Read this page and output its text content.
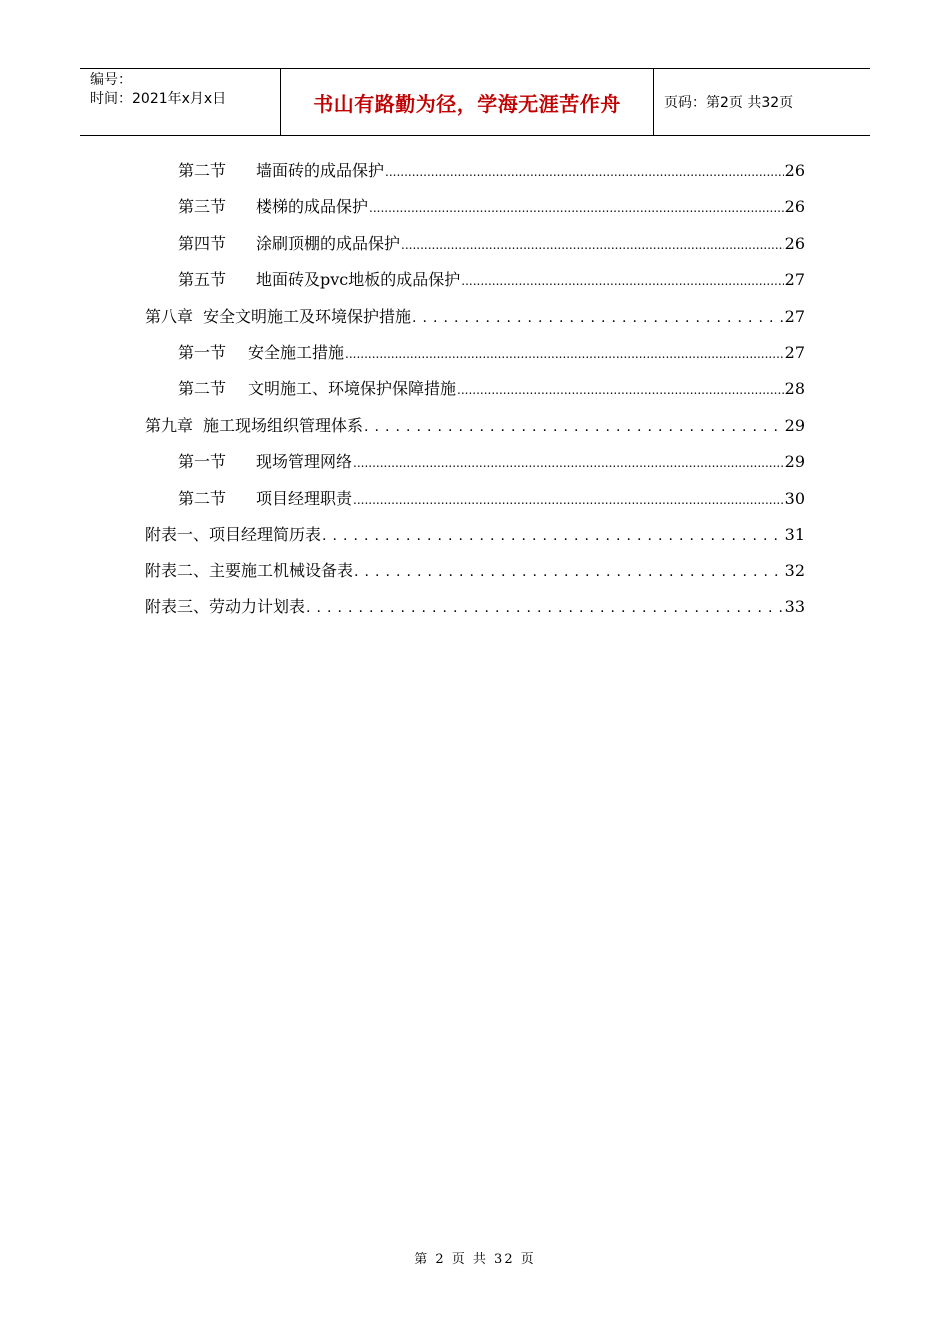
编号：
时间：2021年x月x日	书山有路勤为径，学海无涯苦作舟	页码：第2页 共32页
第二节 墙面砖的成品保护 .....	26
第三节 楼梯的成品保护 .....	26
第四节 涂刷顶棚的成品保护 .....	26
第五节 地面砖及pvc地板的成品保护 .....	27
第八章 安全文明施工及环境保护措施 . . .	27
第一节 安全施工措施 .....	27
第二节 文明施工、环境保护保障措施 .....	28
第九章 施工现场组织管理体系 . . .	29
第一节 现场管理网络 .....	29
第二节 项目经理职责 .....	30
附表一、项目经理简历表 . . .	31
附表二、主要施工机械设备表 . . .	32
附表三、劳动力计划表 . . .	33
第 2 页 共 32 页
